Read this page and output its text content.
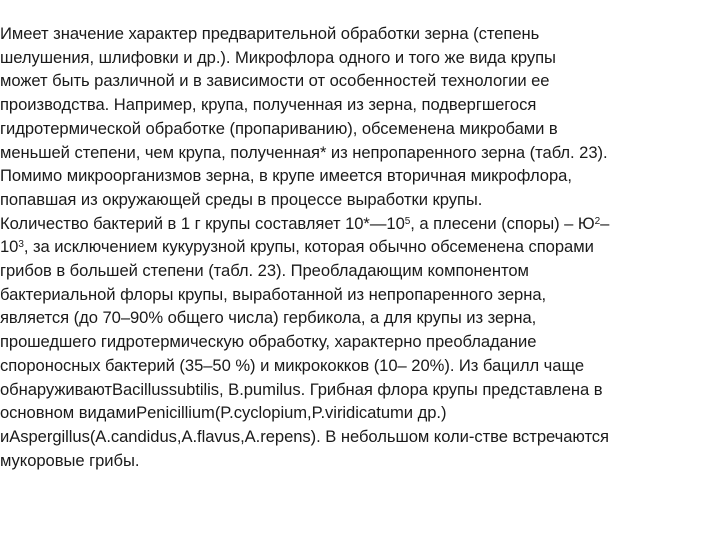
Имеет значение характер предварительной обработки зерна (степень
шелушения, шлифовки и др.). Микрофлора одного и того же вида крупы
может быть различной и в зависимости от особенностей технологии ее
производства. Например, крупа, полученная из зерна, подвергшегося
гидротермической обработке (пропариванию), обсеменена микробами в
меньшей степени, чем крупа, полученная* из непропаренного зерна (табл. 23).
Помимо микроорганизмов зерна, в крупе имеется вторичная микрофлора,
попавшая из окружающей среды в процессе выработки крупы.
Количество бактерий в 1 г крупы составляет $10*—10^5$, а плесени (споры) – $Ю^2-$
$10^3$, за исключением кукурузной крупы, которая обычно обсеменена спорами
грибов в большей степени (табл. 23). Преобладающим компонентом
бактериальной флоры крупы, выработанной из непропаренного зерна,
является (до 70–90% общего числа) гербикола, а для крупы из зерна,
прошедшего гидротермическую обработку, характерно преобладание
спороносных бактерий (35–50 %) и микрококков (10– 20%). Из бацилл чаще
обнаруживаютBacillussubtilis, В.pumilus. Грибная флора крупы представлена в
основном видамиPenicillium(P.cyclopium,P.viridicatumи др.)
иAspergillus(A.candidus,A.flavus,A.repens). В небольшом коли-стве встречаются
мукоровые грибы.
